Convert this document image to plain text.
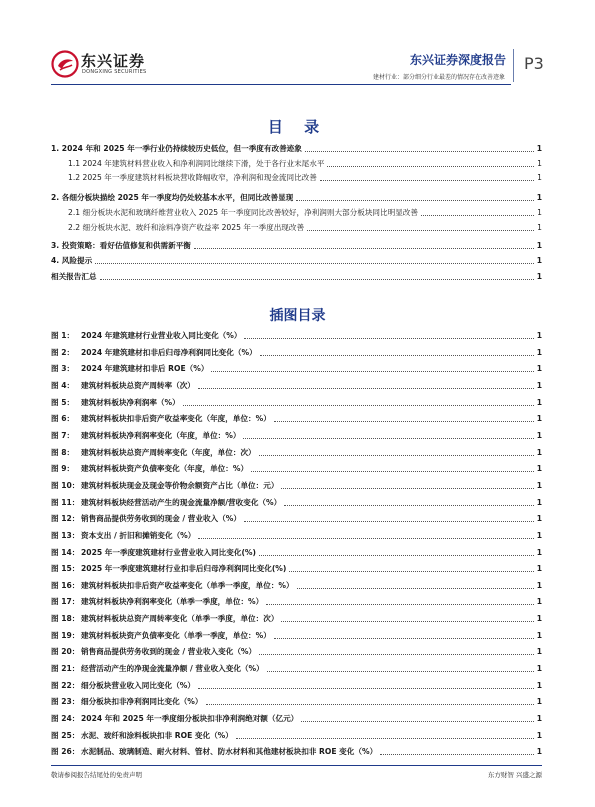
东兴证券
DONGXING SECURITIES
东兴证券深度报告 P3
建材行业：部分细分行业最差的情况存在改善迹象
目 录
1. 2024 年和 2025 年一季行业仍持续较历史低位，但一季度有改善迹象	1
1.1 2024 年建筑材料营业收入和净利润同比继续下滑，处于各行业末尾水平	1
1.2 2025 年一季度建筑材料板块营收降幅收窄，净利润和现金流同比改善	1
2. 各细分板块描绘 2025 年一季度均仍处较基本水平，但同比改善显现	1
2.1 细分板块水泥和玻璃纤维营业收入 2025 年一季度同比改善较好，净利润则大部分板块同比明显改善	1
2.2 细分板块水泥、玻纤和涂料净资产收益率 2025 年一季度出现改善	1
3. 投资策略：看好估值修复和供需新平衡	1
4. 风险提示	1
相关报告汇总	1
插图目录
图 1： 2024 年建筑建材行业营业收入同比变化（%）	1
图 2： 2024 年建筑建材扣非后归母净利润同比变化（%）	1
图 3： 2024 年建筑建材扣非后 ROE（%）	1
图 4： 建筑材料板块总资产周转率（次）	1
图 5： 建筑材料板块净利润率（%）	1
图 6： 建筑材料板块扣非后资产收益率变化（年度，单位：%）	1
图 7： 建筑材料板块净利润率变化（年度，单位：%）	1
图 8： 建筑材料板块总资产周转率变化（年度，单位：次）	1
图 9： 建筑材料板块资产负债率变化（年度，单位：%）	1
图 10： 建筑材料板块现金及现金等价物余额资产占比（单位：元）	1
图 11： 建筑材料板块经营活动产生的现金流量净额/营收变化（%）	1
图 12： 销售商品提供劳务收到的现金 / 营业收入（%）	1
图 13： 资本支出 / 折旧和摊销变化（%）	1
图 14： 2025 年一季度建筑建材行业营业收入同比变化(%)	1
图 15： 2025 年一季度建筑建材行业扣非后归母净利润同比变化(%)	1
图 16： 建筑材料板块扣非后资产收益率变化（单季一季度，单位：%）	1
图 17： 建筑材料板块净利润率变化（单季一季度，单位：%）	1
图 18： 建筑材料板块总资产周转率变化（单季一季度，单位：次）	1
图 19： 建筑材料板块资产负债率变化（单季一季度，单位：%）	1
图 20： 销售商品提供劳务收到的现金 / 营业收入变化（%）	1
图 21： 经营活动产生的净现金流量净额 / 营业收入变化（%）	1
图 22： 细分板块营业收入同比变化（%）	1
图 23： 细分板块扣非净利润同比变化（%）	1
图 24： 2024 年和 2025 年一季度细分板块扣非净利润绝对额（亿元）	1
图 25： 水泥、玻纤和涂料板块扣非 ROE 变化（%）	1
图 26： 水泥制品、玻璃制造、耐火材料、管材、防水材料和其他建材板块扣非 ROE 变化（%）	1
敬请参阅报告结尾处的免责声明	东方财智 兴盛之源
